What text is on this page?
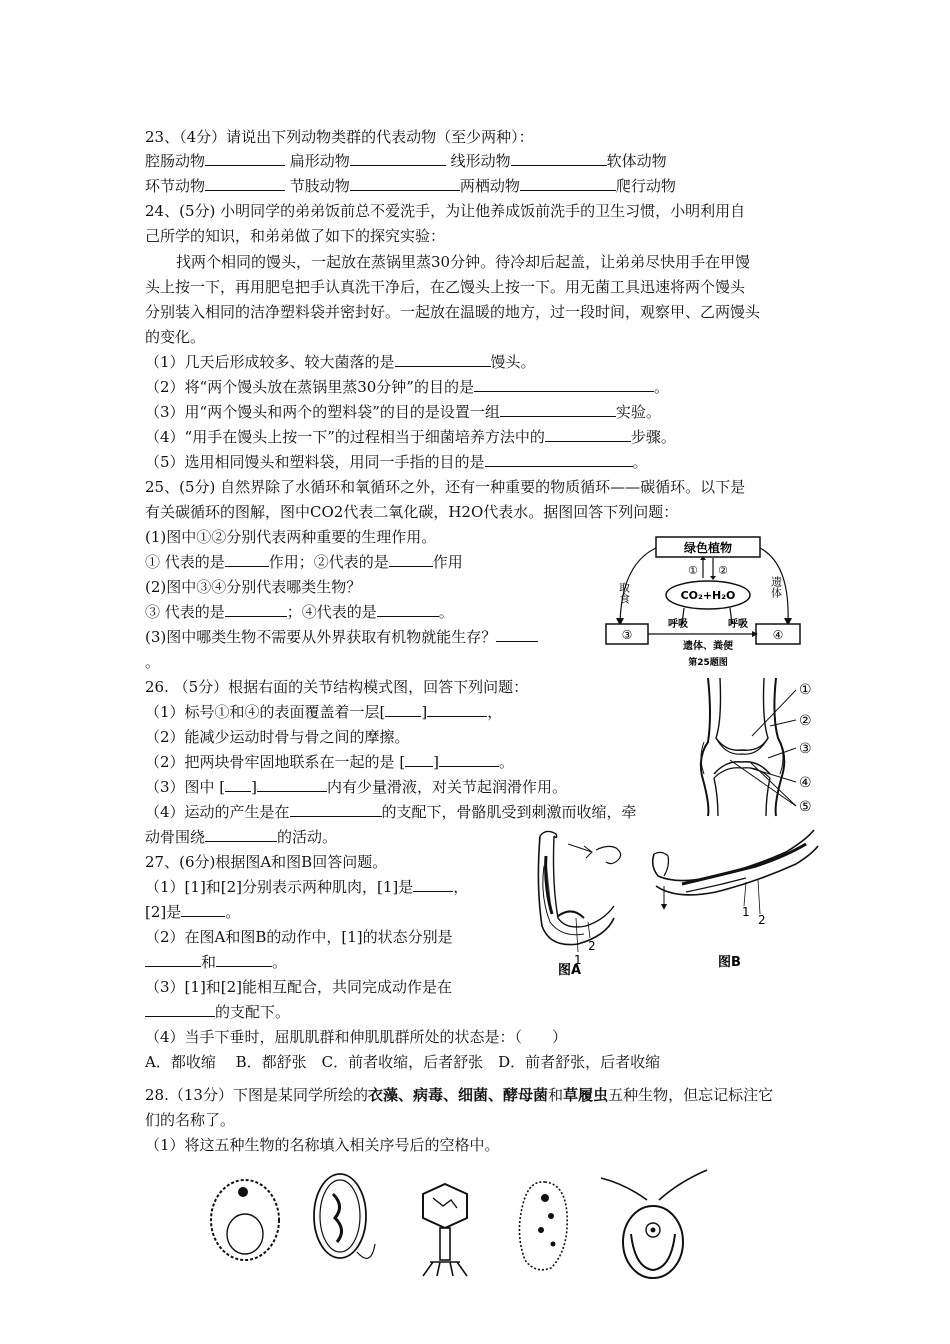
23、（4分）请说出下列动物类群的代表动物（至少两种）：
腔肠动物	扁形动物	线形动物	软体动物
环节动物	节肢动物	两栖动物	爬行动物
24、(5分) 小明同学的弟弟饭前总不爱洗手，为让他养成饭前洗手的卫生习惯，小明利用自
己所学的知识，和弟弟做了如下的探究实验：
找两个相同的馒头，一起放在蒸锅里蒸30分钟。待冷却后起盖，让弟弟尽快用手在甲馒
头上按一下，再用肥皂把手认真洗干净后，在乙馒头上按一下。用无菌工具迅速将两个馒头
分别装入相同的洁净塑料袋并密封好。一起放在温暖的地方，过一段时间，观察甲、乙两馒头
的变化。
（1）几天后形成较多、较大菌落的是	馒头。
（2）将“两个馒头放在蒸锅里蒸30分钟”的目的是	。
（3）用“两个馒头和两个的塑料袋”的目的是设置一组	实验。
（4）“用手在馒头上按一下”的过程相当于细菌培养方法中的	步骤。
（5）选用相同馒头和塑料袋，用同一手指的目的是	。
25、(5分) 自然界除了水循环和氧循环之外，还有一种重要的物质循环——碳循环。以下是
有关碳循环的图解，图中CO2代表二氧化碳，H2O代表水。据图回答下列问题：
(1)图中①②分别代表两种重要的生理作用。
① 代表的是	作用；②代表的是	作用
(2)图中③④分别代表哪类生物？
③ 代表的是	；④代表的是	。
(3)图中哪类生物不需要从外界获取有机物就能生存？
。
绿色植物
① ②
CO₂+H₂O
取食	遗体
③	④
呼吸	呼吸
遗体、粪便
第25题图
26. （5分）根据右面的关节结构模式图，回答下列问题：
（1）标号①和④的表面覆盖着一层[ ]	，
（2）能减少运动时骨与骨之间的摩擦。
（2）把两块骨牢固地联系在一起的是 [ ]	。
（3）图中 [ ]	内有少量滑液，对关节起润滑作用。
（4）运动的产生是在	的支配下，骨骼肌受到刺激而收缩，牵
动骨围绕	的活动。
①
②
③
④
⑤
27、(6分)根据图A和图B回答问题。
（1）[1]和[2]分别表示两种肌肉，[1]是	，
[2]是	。
（2）在图A和图B的动作中，[1]的状态分别是
和	。
（3）[1]和[2]能相互配合，共同完成动作是在
的支配下。
（4）当手下垂时，屈肌肌群和伸肌肌群所处的状态是：（　　）
A．都收缩　 B．都舒张　C．前者收缩，后者舒张　D．前者舒张，后者收缩
1
2
图A
1
2
图B
28.（13分）下图是某同学所绘的衣藻、病毒、细菌、酵母菌和草履虫五种生物，但忘记标注它
们的名称了。
（1）将这五种生物的名称填入相关序号后的空格中。
